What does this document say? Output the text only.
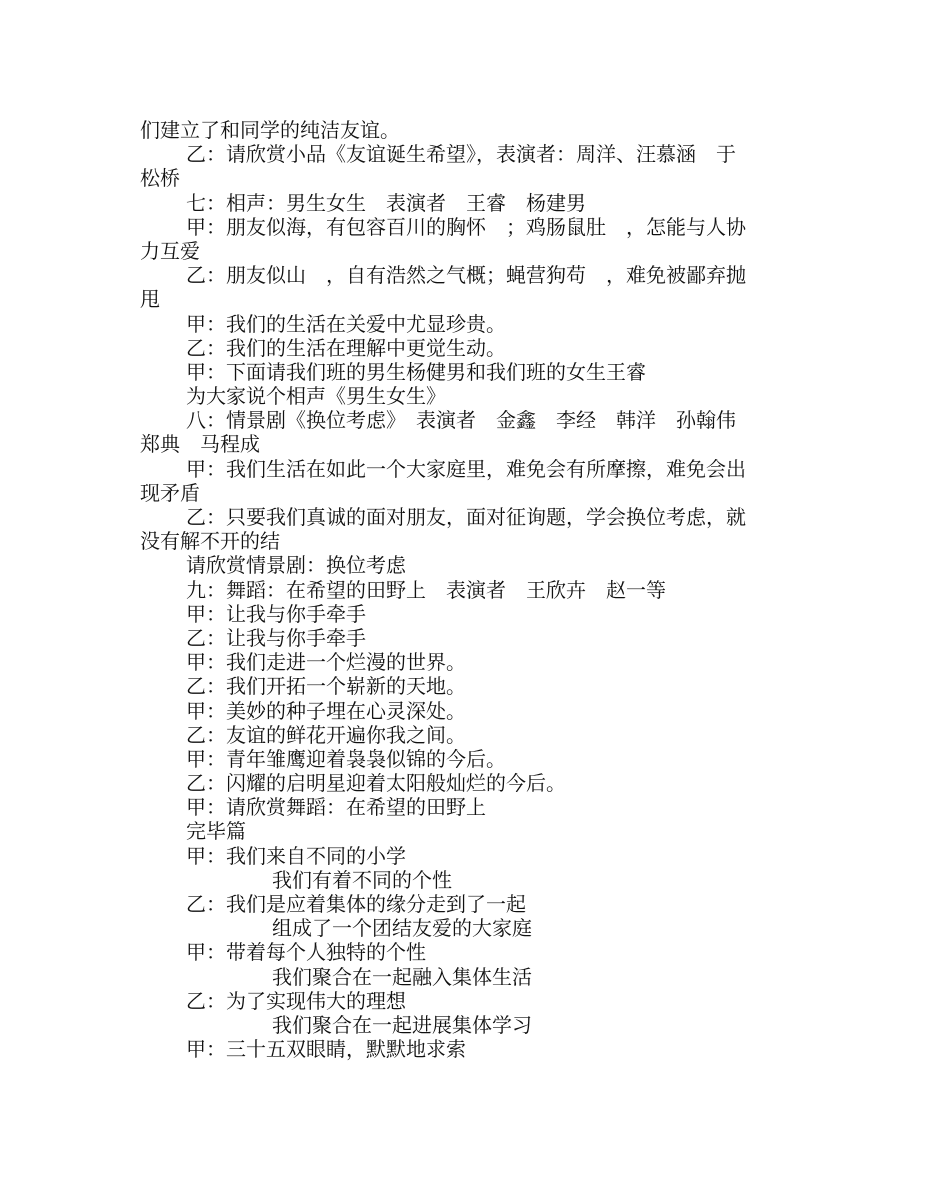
们建立了和同学的纯洁友谊。
乙：请欣赏小品《友谊诞生希望》，表演者：周洋、汪慕涵　于
松桥
七：相声：男生女生　表演者　王睿　杨建男
甲：朋友似海，有包容百川的胸怀　；鸡肠鼠肚　，怎能与人协
力互爱
乙：朋友似山　，自有浩然之气概；蝇营狗苟　，难免被鄙弃抛
甩
甲：我们的生活在关爱中尤显珍贵。
乙：我们的生活在理解中更觉生动。
甲：下面请我们班的男生杨健男和我们班的女生王睿
为大家说个相声《男生女生》
八：情景剧《换位考虑》　表演者　金鑫　李经　韩洋　孙翰伟
郑典　马程成
甲：我们生活在如此一个大家庭里，难免会有所摩擦，难免会出
现矛盾
乙：只要我们真诚的面对朋友，面对征询题，学会换位考虑，就
没有解不开的结
请欣赏情景剧：换位考虑
九：舞蹈：在希望的田野上　表演者　王欣卉　赵一等
甲：让我与你手牵手
乙：让我与你手牵手
甲：我们走进一个烂漫的世界。
乙：我们开拓一个崭新的天地。
甲：美妙的种子埋在心灵深处。
乙：友谊的鲜花开遍你我之间。
甲：青年雏鹰迎着袅袅似锦的今后。
乙：闪耀的启明星迎着太阳般灿烂的今后。
甲：请欣赏舞蹈：在希望的田野上
完毕篇
甲：我们来自不同的小学
我们有着不同的个性
乙：我们是应着集体的缘分走到了一起
组成了一个团结友爱的大家庭
甲：带着每个人独特的个性
我们聚合在一起融入集体生活
乙：为了实现伟大的理想
我们聚合在一起进展集体学习
甲：三十五双眼睛，默默地求索
